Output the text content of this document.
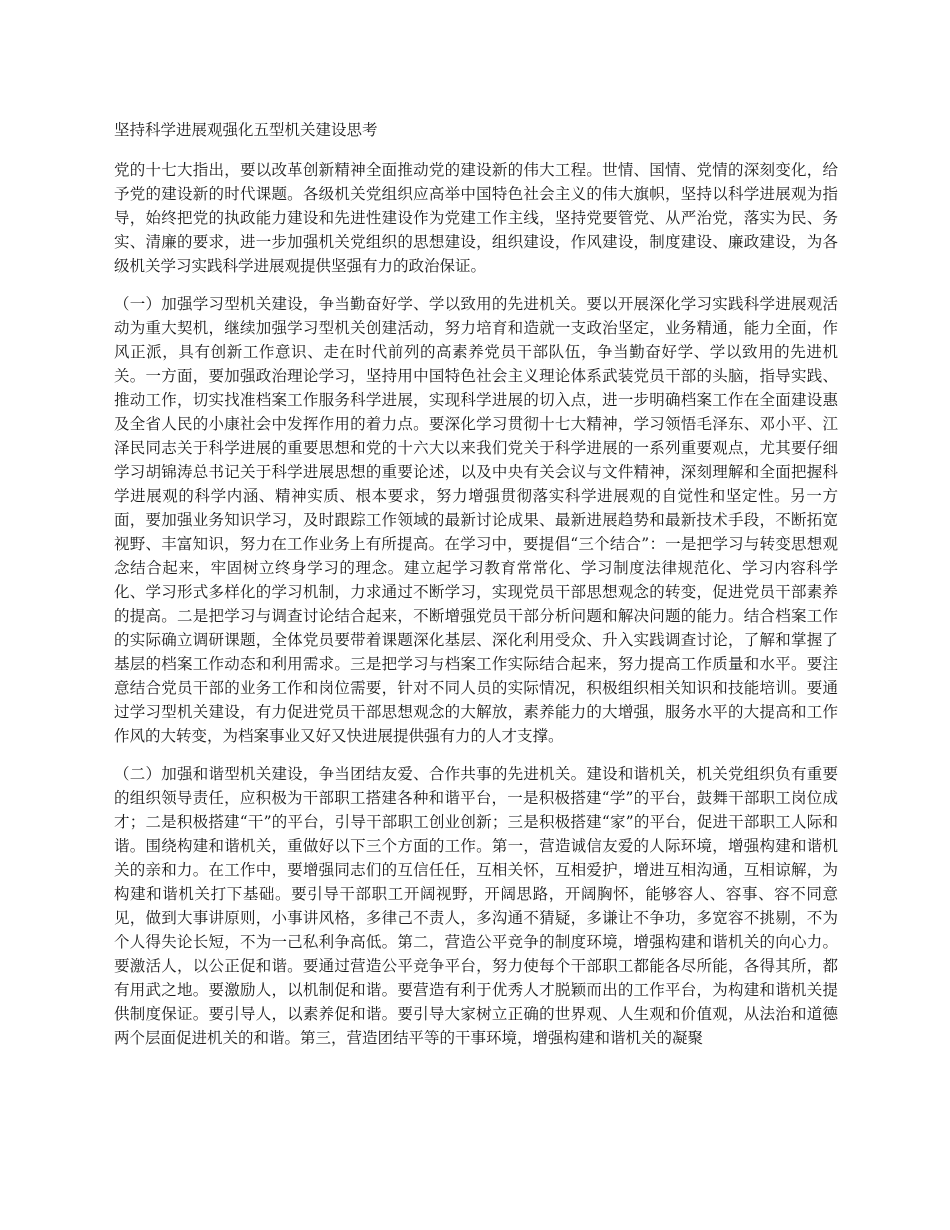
坚持科学进展观强化五型机关建设思考

党的十七大指出，要以改革创新精神全面推动党的建设新的伟大工程。世情、国情、党情的深刻变化，给予党的建设新的时代课题。各级机关党组织应高举中国特色社会主义的伟大旗帜，坚持以科学进展观为指导，始终把党的执政能力建设和先进性建设作为党建工作主线，坚持党要管党、从严治党，落实为民、务实、清廉的要求，进一步加强机关党组织的思想建设，组织建设，作风建设，制度建设、廉政建设，为各级机关学习实践科学进展观提供坚强有力的政治保证。

（一）加强学习型机关建设，争当勤奋好学、学以致用的先进机关。要以开展深化学习实践科学进展观活动为重大契机，继续加强学习型机关创建活动，努力培育和造就一支政治坚定，业务精通，能力全面，作风正派，具有创新工作意识、走在时代前列的高素养党员干部队伍，争当勤奋好学、学以致用的先进机关。一方面，要加强政治理论学习，坚持用中国特色社会主义理论体系武装党员干部的头脑，指导实践、推动工作，切实找准档案工作服务科学进展，实现科学进展的切入点，进一步明确档案工作在全面建设惠及全省人民的小康社会中发挥作用的着力点。要深化学习贯彻十七大精神，学习领悟毛泽东、邓小平、江泽民同志关于科学进展的重要思想和党的十六大以来我们党关于科学进展的一系列重要观点，尤其要仔细学习胡锦涛总书记关于科学进展思想的重要论述，以及中央有关会议与文件精神，深刻理解和全面把握科学进展观的科学内涵、精神实质、根本要求，努力增强贯彻落实科学进展观的自觉性和坚定性。另一方面，要加强业务知识学习，及时跟踪工作领域的最新讨论成果、最新进展趋势和最新技术手段，不断拓宽视野、丰富知识，努力在工作业务上有所提高。在学习中，要提倡“三个结合”：一是把学习与转变思想观念结合起来，牢固树立终身学习的理念。建立起学习教育常常化、学习制度法律规范化、学习内容科学化、学习形式多样化的学习机制，力求通过不断学习，实现党员干部思想观念的转变，促进党员干部素养的提高。二是把学习与调查讨论结合起来，不断增强党员干部分析问题和解决问题的能力。结合档案工作的实际确立调研课题，全体党员要带着课题深化基层、深化利用受众、升入实践调查讨论，了解和掌握了基层的档案工作动态和利用需求。三是把学习与档案工作实际结合起来，努力提高工作质量和水平。要注意结合党员干部的业务工作和岗位需要，针对不同人员的实际情况，积极组织相关知识和技能培训。要通过学习型机关建设，有力促进党员干部思想观念的大解放，素养能力的大增强，服务水平的大提高和工作作风的大转变，为档案事业又好又快进展提供强有力的人才支撑。

（二）加强和谐型机关建设，争当团结友爱、合作共事的先进机关。建设和谐机关，机关党组织负有重要的组织领导责任，应积极为干部职工搭建各种和谐平台，一是积极搭建“学”的平台，鼓舞干部职工岗位成才；二是积极搭建“干”的平台，引导干部职工创业创新；三是积极搭建“家”的平台，促进干部职工人际和谐。围绕构建和谐机关，重做好以下三个方面的工作。第一，营造诚信友爱的人际环境，增强构建和谐机关的亲和力。在工作中，要增强同志们的互信任任，互相关怀，互相爱护，增进互相沟通，互相谅解，为构建和谐机关打下基础。要引导干部职工开阔视野，开阔思路，开阔胸怀，能够容人、容事、容不同意见，做到大事讲原则，小事讲风格，多律己不责人，多沟通不猜疑，多谦让不争功，多宽容不挑剔，不为个人得失论长短，不为一己私利争高低。第二，营造公平竞争的制度环境，增强构建和谐机关的向心力。要激活人，以公正促和谐。要通过营造公平竞争平台，努力使每个干部职工都能各尽所能，各得其所，都有用武之地。要激励人，以机制促和谐。要营造有利于优秀人才脱颖而出的工作平台，为构建和谐机关提供制度保证。要引导人，以素养促和谐。要引导大家树立正确的世界观、人生观和价值观，从法治和道德两个层面促进机关的和谐。第三，营造团结平等的干事环境，增强构建和谐机关的凝聚
